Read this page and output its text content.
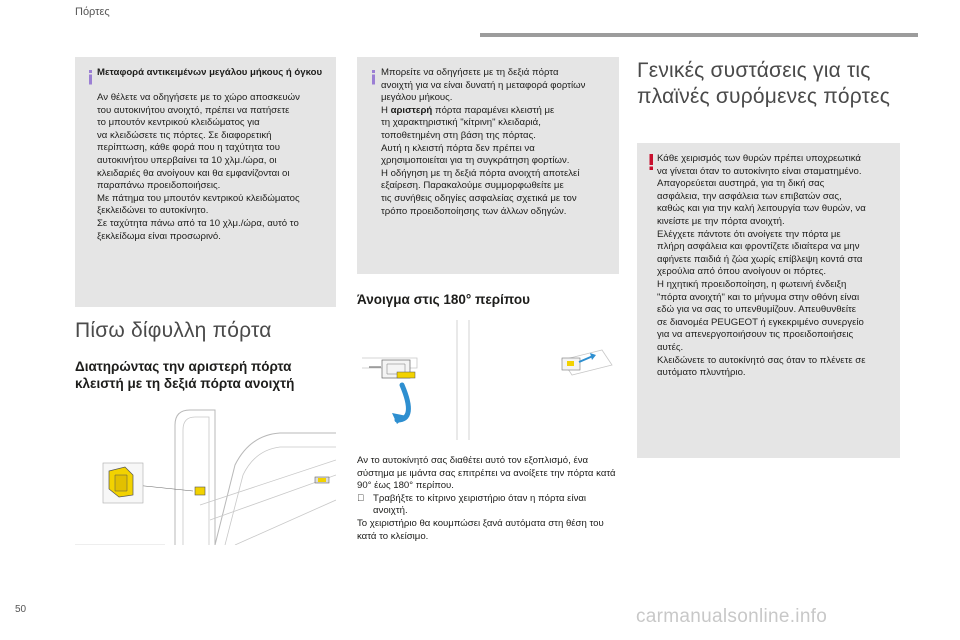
Πόρτες
Μεταφορά αντικειμένων μεγάλου μήκους ή όγκου
Αν θέλετε να οδηγήσετε με το χώρο αποσκευών
του αυτοκινήτου ανοιχτό, πρέπει να πατήσετε
το μπουτόν κεντρικού κλειδώματος για
να κλειδώσετε τις πόρτες. Σε διαφορετική
περίπτωση, κάθε φορά που η ταχύτητα του
αυτοκινήτου υπερβαίνει τα 10 χλμ./ώρα, οι
κλειδαριές θα ανοίγουν και θα εμφανίζονται οι
παραπάνω προειδοποιήσεις.
Με πάτημα του μπουτόν κεντρικού κλειδώματος
ξεκλειδώνει το αυτοκίνητο.
Σε ταχύτητα πάνω από τα 10 χλμ./ώρα, αυτό το
ξεκλείδωμα είναι προσωρινό.
Πίσω δίφυλλη πόρτα
Διατηρώντας την αριστερή πόρτα κλειστή με τη δεξιά πόρτα ανοιχτή
Μπορείτε να οδηγήσετε με τη δεξιά πόρτα
ανοιχτή για να είναι δυνατή η μεταφορά φορτίων
μεγάλου μήκους.
Η αριστερή πόρτα παραμένει κλειστή με
τη χαρακτηριστική "κίτρινη" κλειδαριά,
τοποθετημένη στη βάση της πόρτας.
Αυτή η κλειστή πόρτα δεν πρέπει να
χρησιμοποιείται για τη συγκράτηση φορτίων.
Η οδήγηση με τη δεξιά πόρτα ανοιχτή αποτελεί
εξαίρεση. Παρακαλούμε συμμορφωθείτε με
τις συνήθεις οδηγίες ασφαλείας σχετικά με τον
τρόπο προειδοποίησης των άλλων οδηγών.
Άνοιγμα στις 180° περίπου

Αν το αυτοκίνητό σας διαθέτει αυτό τον εξοπλισμό, ένα σύστημα με ιμάντα σας επιτρέπει να ανοίξετε την πόρτα κατά 90° έως 180° περίπου.

Τραβήξτε το κίτρινο χειριστήριο όταν η πόρτα είναι ανοιχτή.

Το χειριστήριο θα κουμπώσει ξανά αυτόματα στη θέση του κατά το κλείσιμο.

Γενικές συστάσεις για τις πλαϊνές συρόμενες πόρτες
Κάθε χειρισμός των θυρών πρέπει υποχρεωτικά
να γίνεται όταν το αυτοκίνητο είναι σταματημένο.
Απαγορεύεται αυστηρά, για τη δική σας
ασφάλεια, την ασφάλεια των επιβατών σας,
καθώς και για την καλή λειτουργία των θυρών, να
κινείστε με την πόρτα ανοιχτή.
Ελέγχετε πάντοτε ότι ανοίγετε την πόρτα με
πλήρη ασφάλεια και φροντίζετε ιδιαίτερα να μην
αφήνετε παιδιά ή ζώα χωρίς επίβλεψη κοντά στα
χερούλια από όπου ανοίγουν οι πόρτες.
Η ηχητική προειδοποίηση, η φωτεινή ένδειξη
"πόρτα ανοιχτή" και το μήνυμα στην οθόνη είναι
εδώ για να σας το υπενθυμίζουν. Απευθυνθείτε
σε διανομέα PEUGEOT ή εγκεκριμένο συνεργείο
για να απενεργοποιήσουν τις προειδοποιήσεις
αυτές.
Κλειδώνετε το αυτοκίνητό σας όταν το πλένετε σε
αυτόματο πλυντήριο.
50	carmanualsonline.info
